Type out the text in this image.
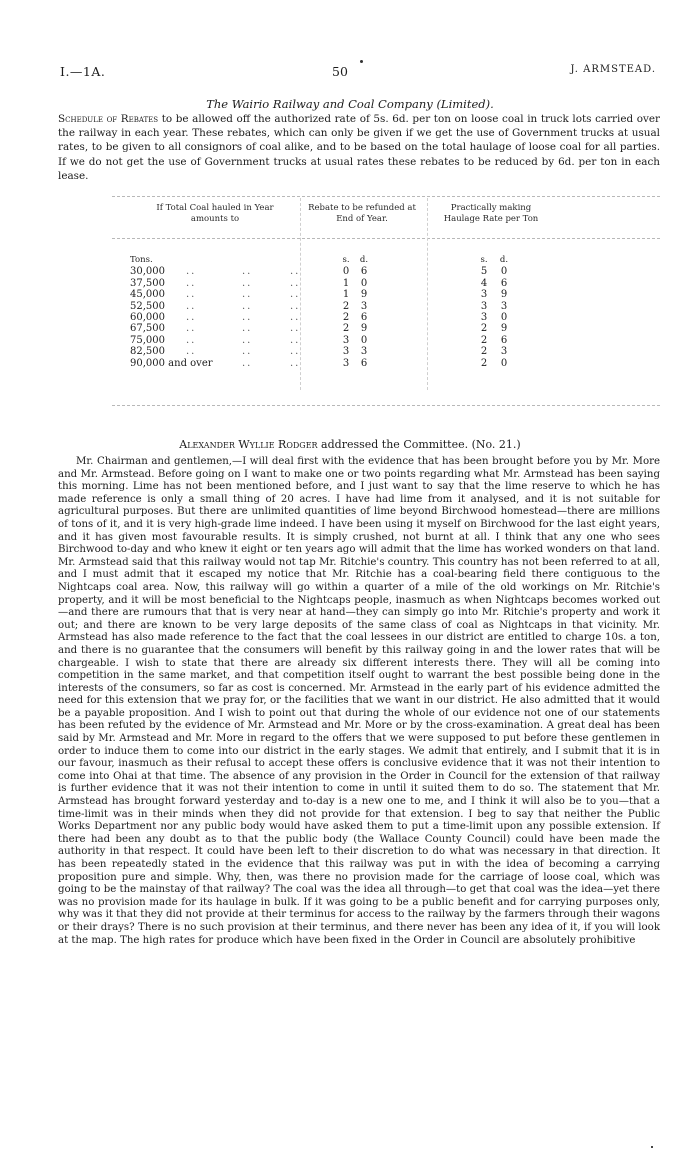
I.—1A.	50	J. ARMSTEAD.
The Wairio Railway and Coal Company (Limited).
Schedule of Rebates to be allowed off the authorized rate of 5s. 6d. per ton on loose coal in truck lots carried over the railway in each year. These rebates, which can only be given if we get the use of Government trucks at usual rates, to be given to all consignors of coal alike, and to be based on the total haulage of loose coal for all parties. If we do not get the use of Government trucks at usual rates these rebates to be reduced by 6d. per ton in each lease.
If Total Coal hauled in Year amounts to
Rebate to be refunded at End of Year.
Practically making Haulage Rate per Ton
Tons.	s. d.	s. d.
30,000 ..	..	..	0 6	5 0
37,500 ..	..	..	1 0	4 6
45,000 ..	..	..	1 9	3 9
52,500 ..	..	..	2 3	3 3
60,000 ..	..	..	2 6	3 0
67,500 ..	..	..	2 9	2 9
75,000 ..	..	..	3 0	2 6
82,500 ..	..	..	3 3	2 3
90,000 and over	..	..	3 6	2 0
Alexander Wyllie Rodger addressed the Committee. (No. 21.)

Mr. Chairman and gentlemen,—I will deal first with the evidence that has been brought before you by Mr. More and Mr. Armstead. Before going on I want to make one or two points regarding what Mr. Armstead has been saying this morning. Lime has not been mentioned before, and I just want to say that the lime reserve to which he has made reference is only a small thing of 20 acres. I have had lime from it analysed, and it is not suitable for agricultural purposes. But there are unlimited quantities of lime beyond Birchwood homestead—there are millions of tons of it, and it is very high-grade lime indeed. I have been using it myself on Birchwood for the last eight years, and it has given most favourable results. It is simply crushed, not burnt at all. I think that any one who sees Birchwood to-day and who knew it eight or ten years ago will admit that the lime has worked wonders on that land. Mr. Armstead said that this railway would not tap Mr. Ritchie's country. This country has not been referred to at all, and I must admit that it escaped my notice that Mr. Ritchie has a coal-bearing field there contiguous to the Nightcaps coal area. Now, this railway will go within a quarter of a mile of the old workings on Mr. Ritchie's property, and it will be most beneficial to the Nightcaps people, inasmuch as when Nightcaps becomes worked out—and there are rumours that that is very near at hand—they can simply go into Mr. Ritchie's property and work it out; and there are known to be very large deposits of the same class of coal as Nightcaps in that vicinity. Mr. Armstead has also made reference to the fact that the coal lessees in our district are entitled to charge 10s. a ton, and there is no guarantee that the consumers will benefit by this railway going in and the lower rates that will be chargeable. I wish to state that there are already six different interests there. They will all be coming into competition in the same market, and that competition itself ought to warrant the best possible being done in the interests of the consumers, so far as cost is concerned. Mr. Armstead in the early part of his evidence admitted the need for this extension that we pray for, or the facilities that we want in our district. He also admitted that it would be a payable proposition. And I wish to point out that during the whole of our evidence not one of our statements has been refuted by the evidence of Mr. Armstead and Mr. More or by the cross-examination. A great deal has been said by Mr. Armstead and Mr. More in regard to the offers that we were supposed to put before these gentlemen in order to induce them to come into our district in the early stages. We admit that entirely, and I submit that it is in our favour, inasmuch as their refusal to accept these offers is conclusive evidence that it was not their intention to come into Ohai at that time. The absence of any provision in the Order in Council for the extension of that railway is further evidence that it was not their intention to come in until it suited them to do so. The statement that Mr. Armstead has brought forward yesterday and to-day is a new one to me, and I think it will also be to you—that a time-limit was in their minds when they did not provide for that extension. I beg to say that neither the Public Works Department nor any public body would have asked them to put a time-limit upon any possible extension. If there had been any doubt as to that the public body (the Wallace County Council) could have been made the authority in that respect. It could have been left to their discretion to do what was necessary in that direction. It has been repeatedly stated in the evidence that this railway was put in with the idea of becoming a carrying proposition pure and simple. Why, then, was there no provision made for the carriage of loose coal, which was going to be the mainstay of that railway? The coal was the idea all through—to get that coal was the idea—yet there was no provision made for its haulage in bulk. If it was going to be a public benefit and for carrying purposes only, why was it that they did not provide at their terminus for access to the railway by the farmers through their wagons or their drays? There is no such provision at their terminus, and there never has been any idea of it, if you will look at the map. The high rates for produce which have been fixed in the Order in Council are absolutely prohibitive
